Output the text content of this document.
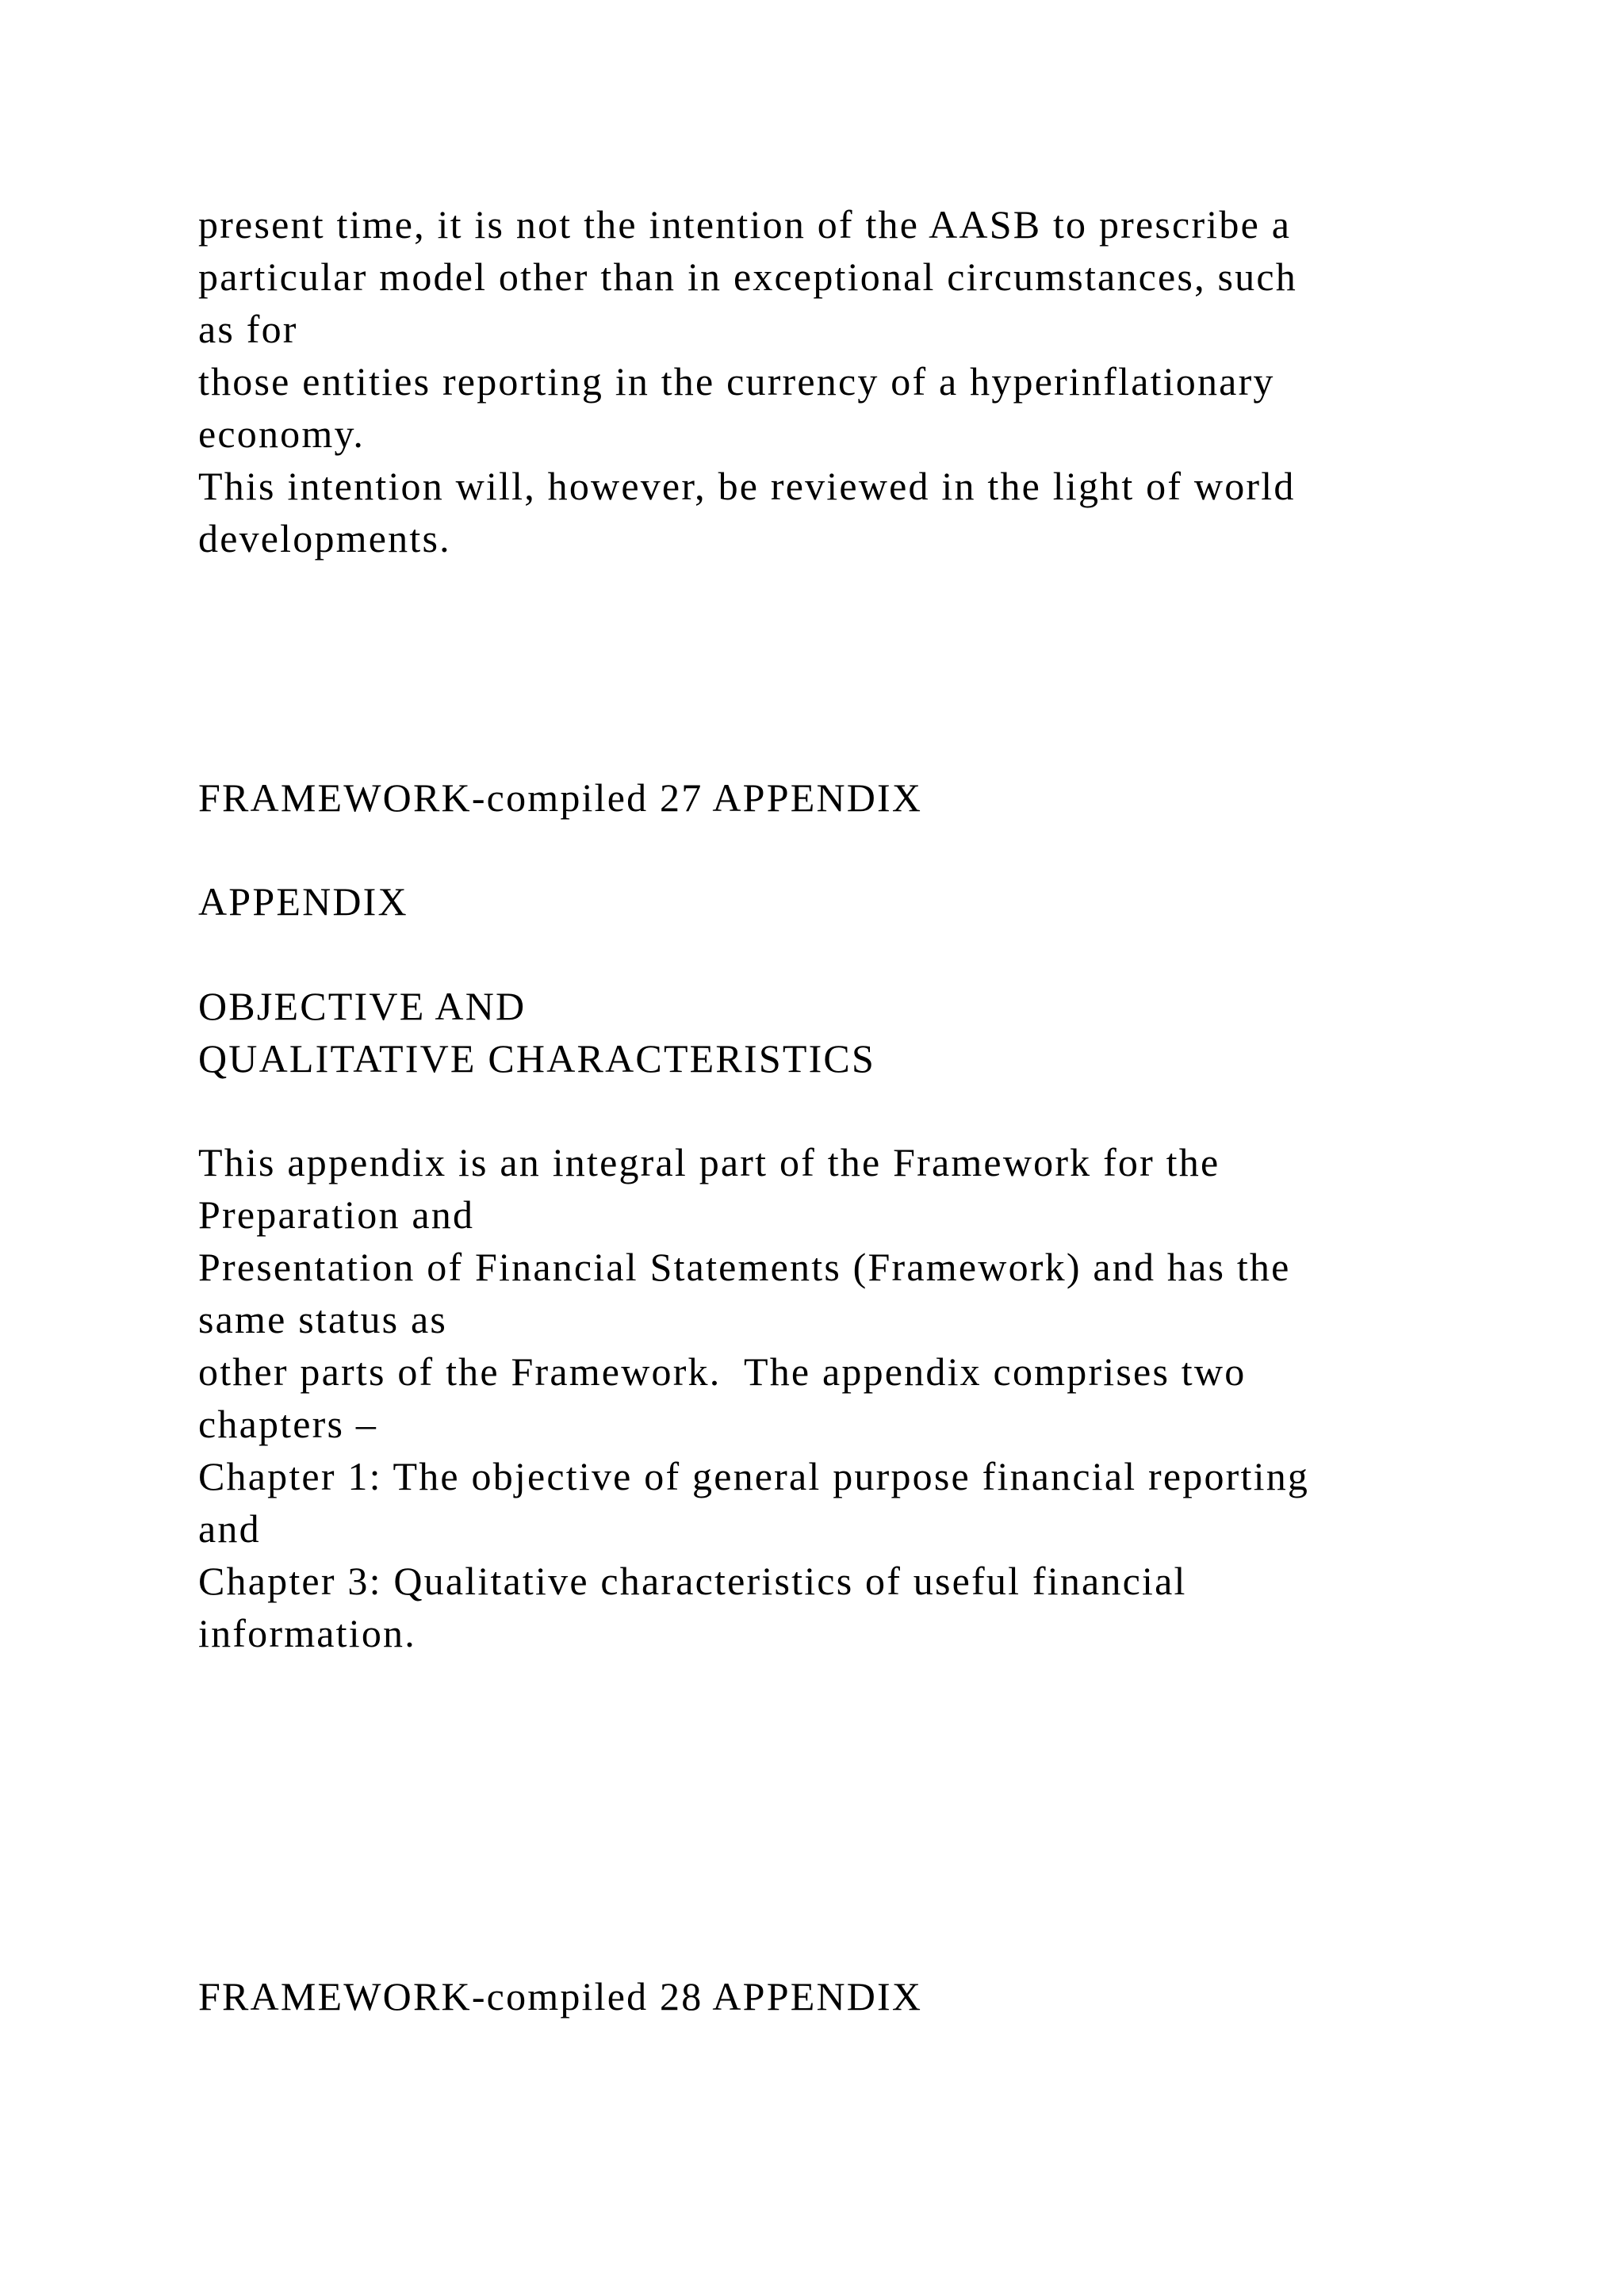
present time, it is not the intention of the AASB to prescribe a

particular model other than in exceptional circumstances, such

as for

those entities reporting in the currency of a hyperinflationary

economy.

This intention will, however, be reviewed in the light of world

developments.

FRAMEWORK-compiled 27 APPENDIX

APPENDIX

OBJECTIVE AND

QUALITATIVE CHARACTERISTICS

This appendix is an integral part of the Framework for the

Preparation and

Presentation of Financial Statements (Framework) and has the

same status as

other parts of the Framework.  The appendix comprises two

chapters –

Chapter 1: The objective of general purpose financial reporting

and

Chapter 3: Qualitative characteristics of useful financial

information.

FRAMEWORK-compiled 28 APPENDIX
